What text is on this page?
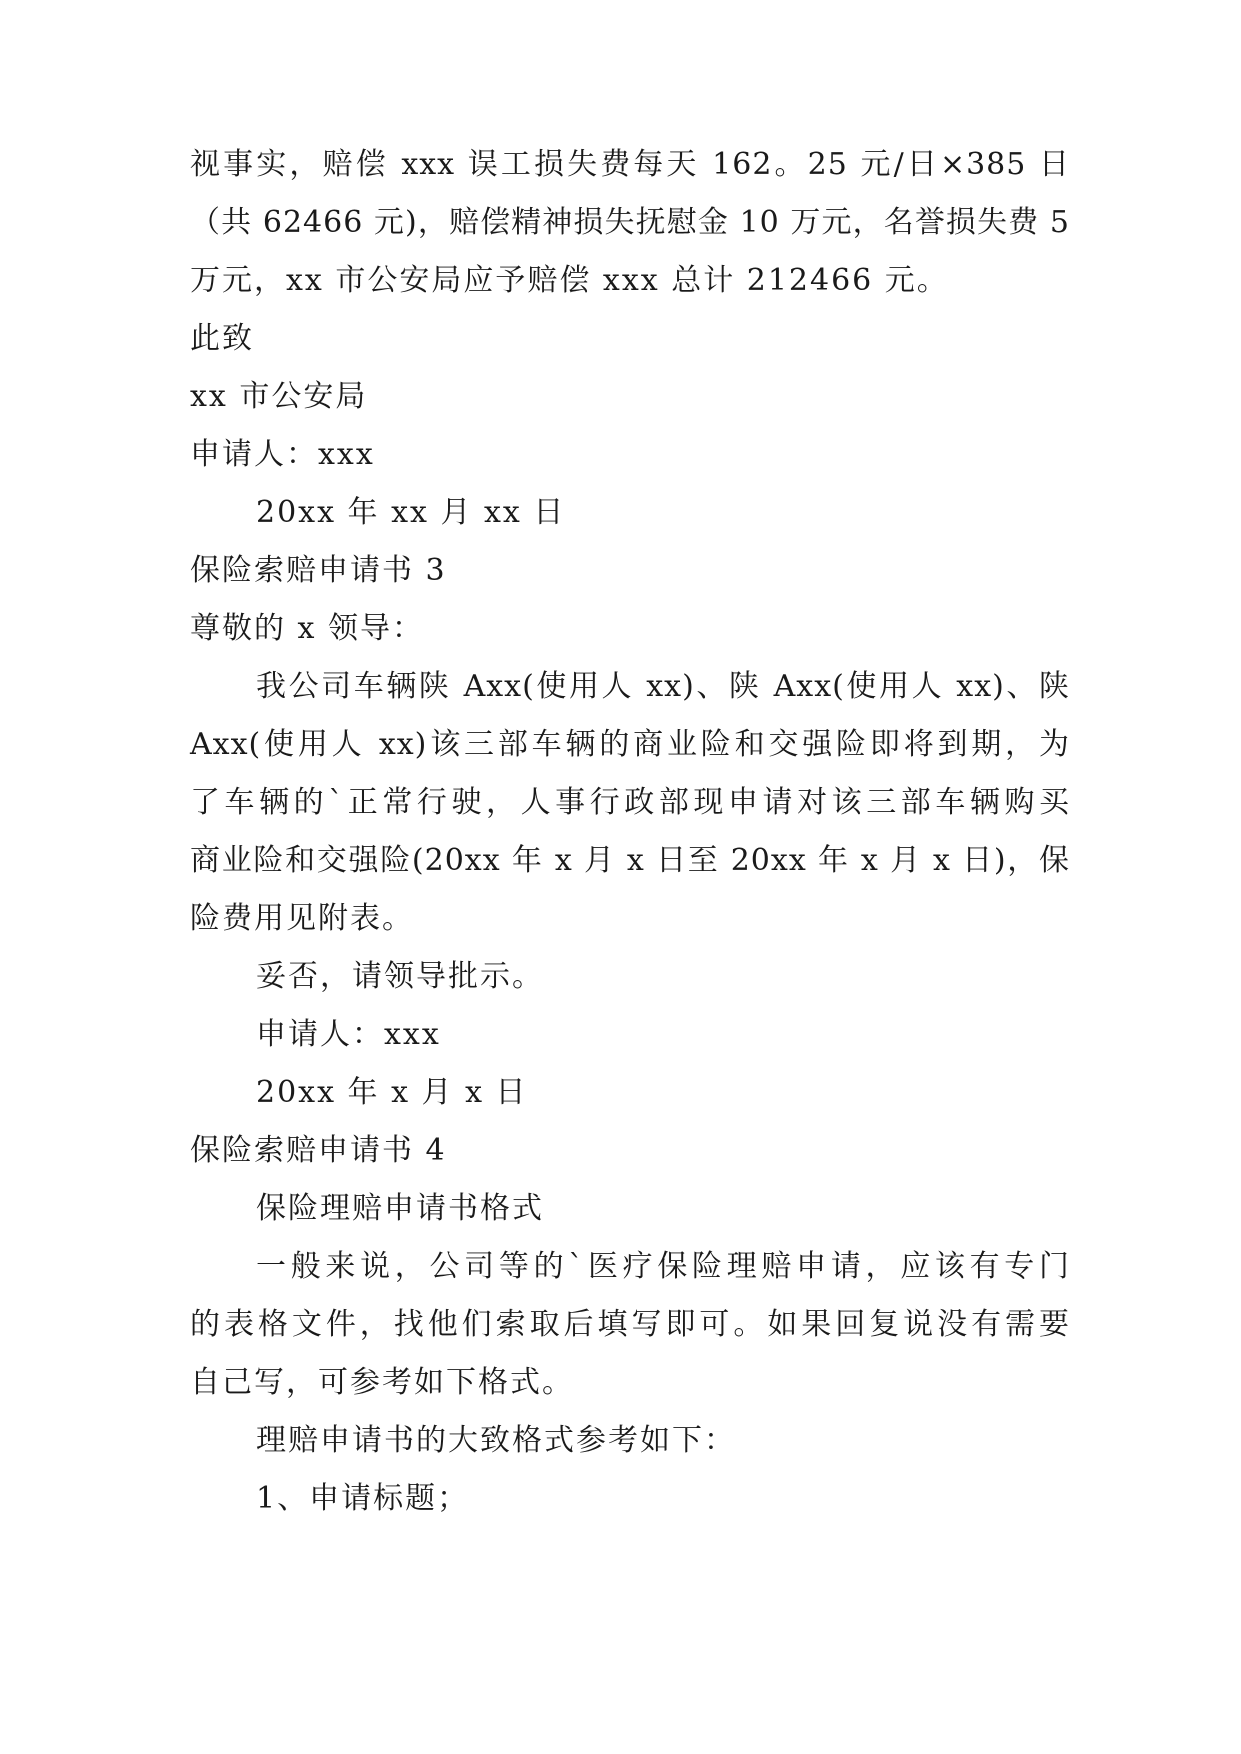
视事实，赔偿 xxx 误工损失费每天 162。25 元/日×385 日
（共 62466 元)，赔偿精神损失抚慰金 10 万元，名誉损失费 5
万元，xx 市公安局应予赔偿 xxx 总计 212466 元。
此致
xx 市公安局
申请人：xxx
20xx 年 xx 月 xx 日
保险索赔申请书 3
尊敬的 x 领导：
我公司车辆陕 Axx(使用人 xx)、陕 Axx(使用人 xx)、陕
Axx(使用人 xx)该三部车辆的商业险和交强险即将到期，为
了车辆的`正常行驶，人事行政部现申请对该三部车辆购买
商业险和交强险(20xx 年 x 月 x 日至 20xx 年 x 月 x 日)，保
险费用见附表。
妥否，请领导批示。
申请人：xxx
20xx 年 x 月 x 日
保险索赔申请书 4
保险理赔申请书格式
一般来说，公司等的`医疗保险理赔申请，应该有专门
的表格文件，找他们索取后填写即可。如果回复说没有需要
自己写，可参考如下格式。
理赔申请书的大致格式参考如下：
1、申请标题；
